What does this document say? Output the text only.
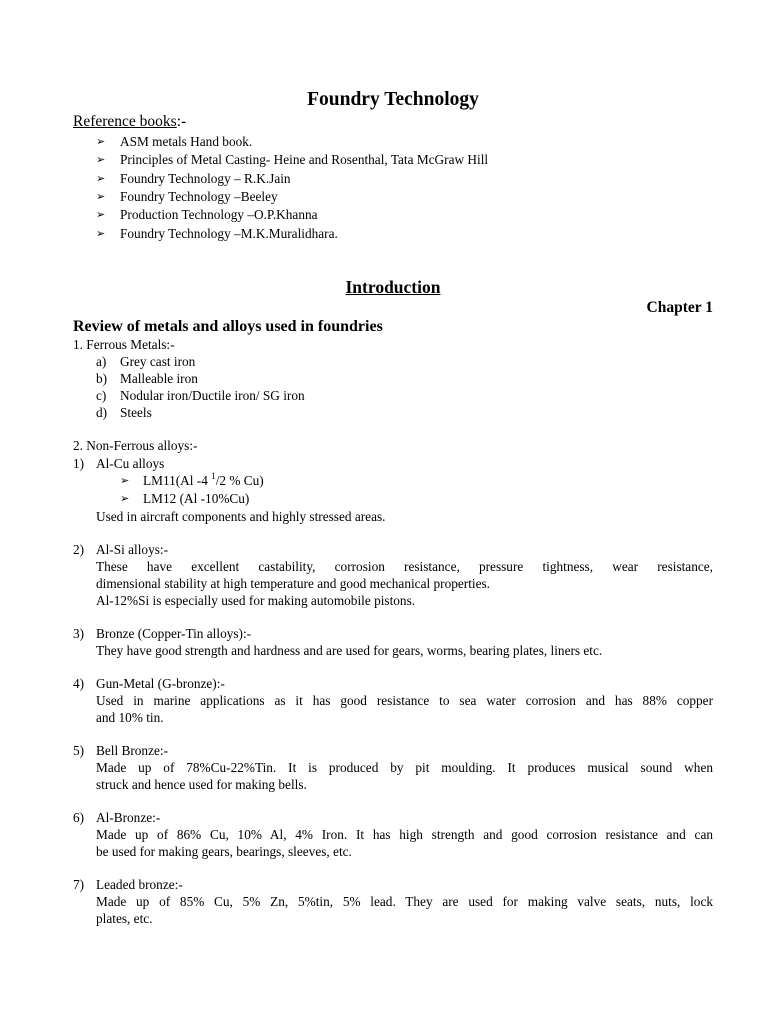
Foundry Technology
Reference books:-
➢ ASM metals Hand book.
➢ Principles of Metal Casting- Heine and Rosenthal, Tata McGraw Hill
➢ Foundry Technology – R.K.Jain
➢ Foundry Technology –Beeley
➢ Production Technology –O.P.Khanna
➢ Foundry Technology –M.K.Muralidhara.
Introduction
Chapter 1
Review of metals and alloys used in foundries
1. Ferrous Metals:-
a) Grey cast iron
b) Malleable iron
c) Nodular iron/Ductile iron/ SG iron
d) Steels
2. Non-Ferrous alloys:-
1) Al-Cu alloys
➢ LM11(Al -4 $^1$/2 % Cu)
➢ LM12 (Al -10%Cu)
Used in aircraft components and highly stressed areas.
2) Al-Si alloys:-
These have excellent castability, corrosion resistance, pressure tightness, wear resistance,
dimensional stability at high temperature and good mechanical properties.
Al-12%Si is especially used for making automobile pistons.
3) Bronze (Copper-Tin alloys):-
They have good strength and hardness and are used for gears, worms, bearing plates, liners etc.
4) Gun-Metal (G-bronze):-
Used in marine applications as it has good resistance to sea water corrosion and has 88% copper
and 10% tin.
5) Bell Bronze:-
Made up of 78%Cu-22%Tin. It is produced by pit moulding. It produces musical sound when
struck and hence used for making bells.
6) Al-Bronze:-
Made up of 86% Cu, 10% Al, 4% Iron. It has high strength and good corrosion resistance and can
be used for making gears, bearings, sleeves, etc.
7) Leaded bronze:-
Made up of 85% Cu, 5% Zn, 5%tin, 5% lead. They are used for making valve seats, nuts, lock
plates, etc.
